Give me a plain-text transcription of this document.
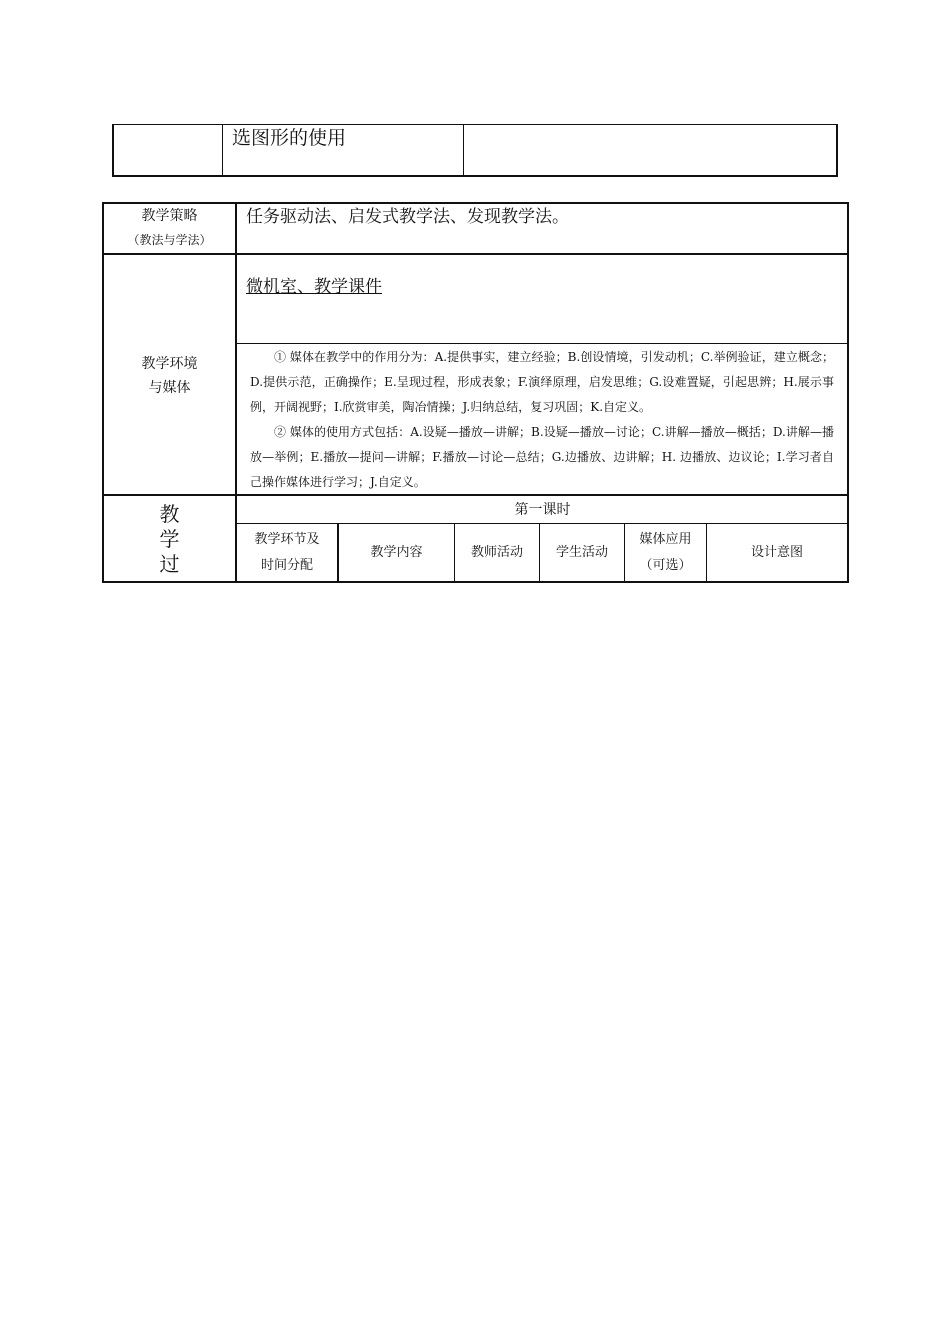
选图形的使用
教学策略
（教法与学法）
任务驱动法、启发式教学法、发现教学法。
教学环境
与媒体
微机室、教学课件
① 媒体在教学中的作用分为：A.提供事实，建立经验；B.创设情境，引发动机；C.举例验证，建立概念；D.提供示范，正确操作；E.呈现过程，形成表象；F.演绎原理，启发思维；G.设难置疑，引起思辨；H.展示事例，开阔视野；I.欣赏审美，陶冶情操；J.归纳总结，复习巩固；K.自定义。
② 媒体的使用方式包括：A.设疑—播放—讲解；B.设疑—播放—讨论；C.讲解—播放—概括；D.讲解—播放—举例；E.播放—提问—讲解；F.播放—讨论—总结；G.边播放、边讲解；H. 边播放、边议论；I.学习者自己操作媒体进行学习；J.自定义。
教
学
过
第一课时
教学环节及
时间分配
教学内容	教师活动	学生活动
媒体应用
（可选）
设计意图
